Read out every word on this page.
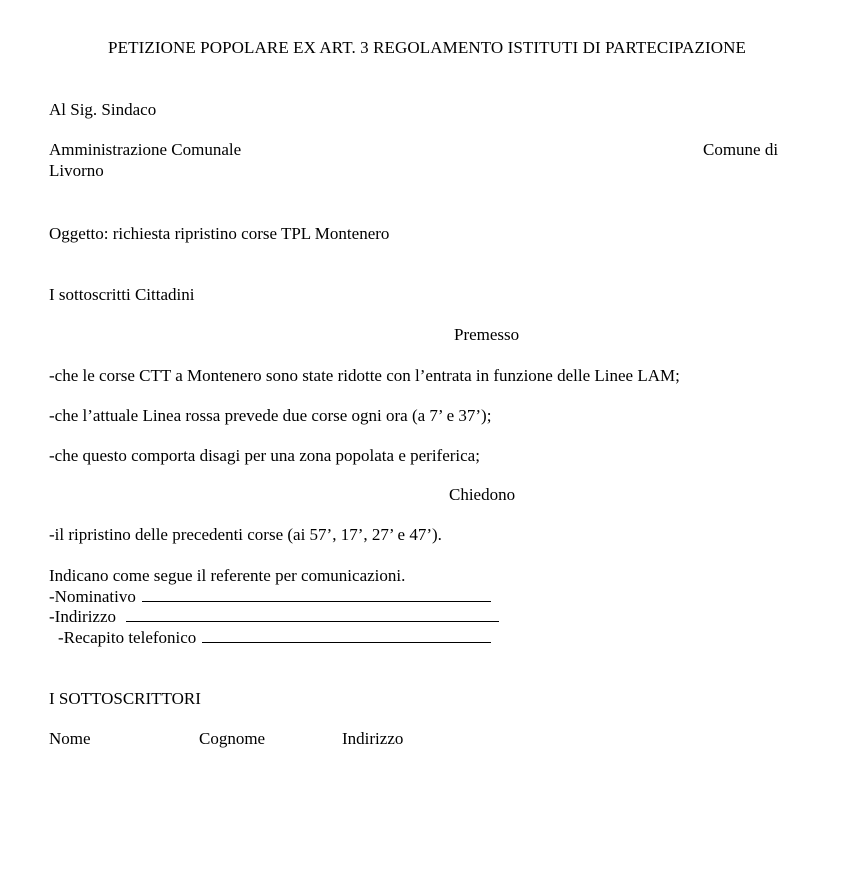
PETIZIONE POPOLARE EX ART. 3 REGOLAMENTO ISTITUTI DI PARTECIPAZIONE
Al Sig. Sindaco
Amministrazione Comunale	Comune di
Livorno
Oggetto: richiesta ripristino corse TPL Montenero
I sottoscritti Cittadini
Premesso
-che le corse CTT a Montenero sono state ridotte con l’entrata in funzione delle Linee LAM;
-che l’attuale Linea rossa prevede due corse ogni ora (a 7’ e 37’);
-che questo comporta disagi per una zona popolata e periferica;
Chiedono
-il ripristino delle precedenti corse (ai 57’, 17’, 27’ e 47’).
Indicano come segue il referente per comunicazioni.
-Nominativo
-Indirizzo
-Recapito telefonico
I SOTTOSCRITTORI
Nome	Cognome	Indirizzo
